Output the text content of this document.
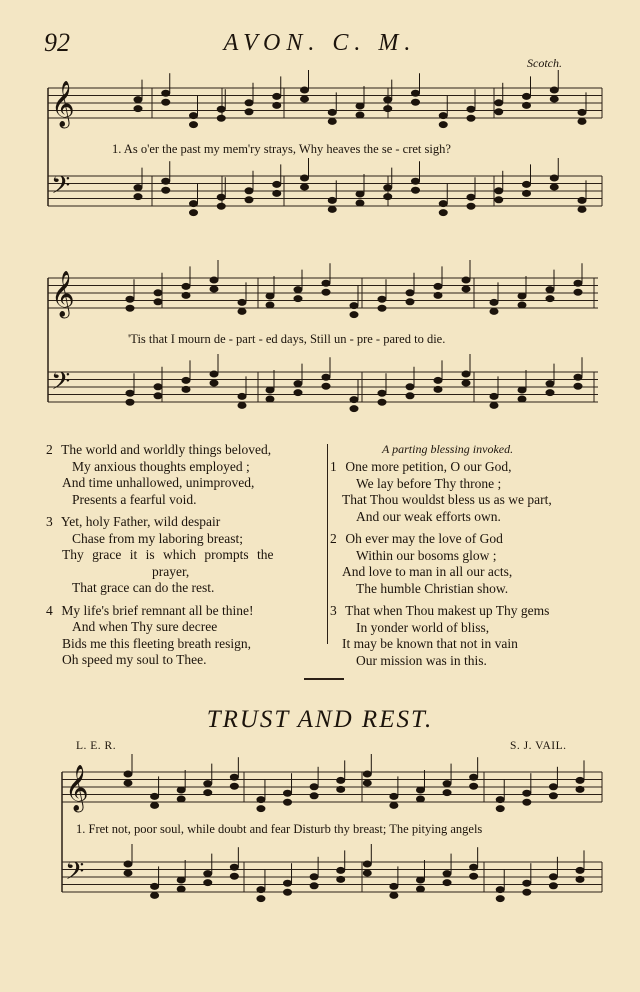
92	AVON. C. M.
Scotch.
𝄞
𝄢
𝄞
𝄢
𝄞
𝄢
1. As o'er the past my mem'ry strays, Why heaves the se - cret sigh?
'Tis that I mourn de - part - ed days, Still un - pre - pared to die.
A parting blessing invoked.
2 The world and worldly things beloved,
My anxious thoughts employed ;
And time unhallowed, unimproved,
Presents a fearful void.
3 Yet, holy Father, wild despair
Chase from my laboring breast;
Thy grace it is which prompts the
prayer,
That grace can do the rest.
4 My life's brief remnant all be thine!
And when Thy sure decree
Bids me this fleeting breath resign,
Oh speed my soul to Thee.
1 One more petition, O our God,
We lay before Thy throne ;
That Thou wouldst bless us as we part,
And our weak efforts own.
2 Oh ever may the love of God
Within our bosoms glow ;
And love to man in all our acts,
The humble Christian show.
3 That when Thou makest up Thy gems
In yonder world of bliss,
It may be known that not in vain
Our mission was in this.
TRUST AND REST.
L. E. R.	S. J. VAIL.
1. Fret not, poor soul, while doubt and fear Disturb thy breast; The pitying angels
